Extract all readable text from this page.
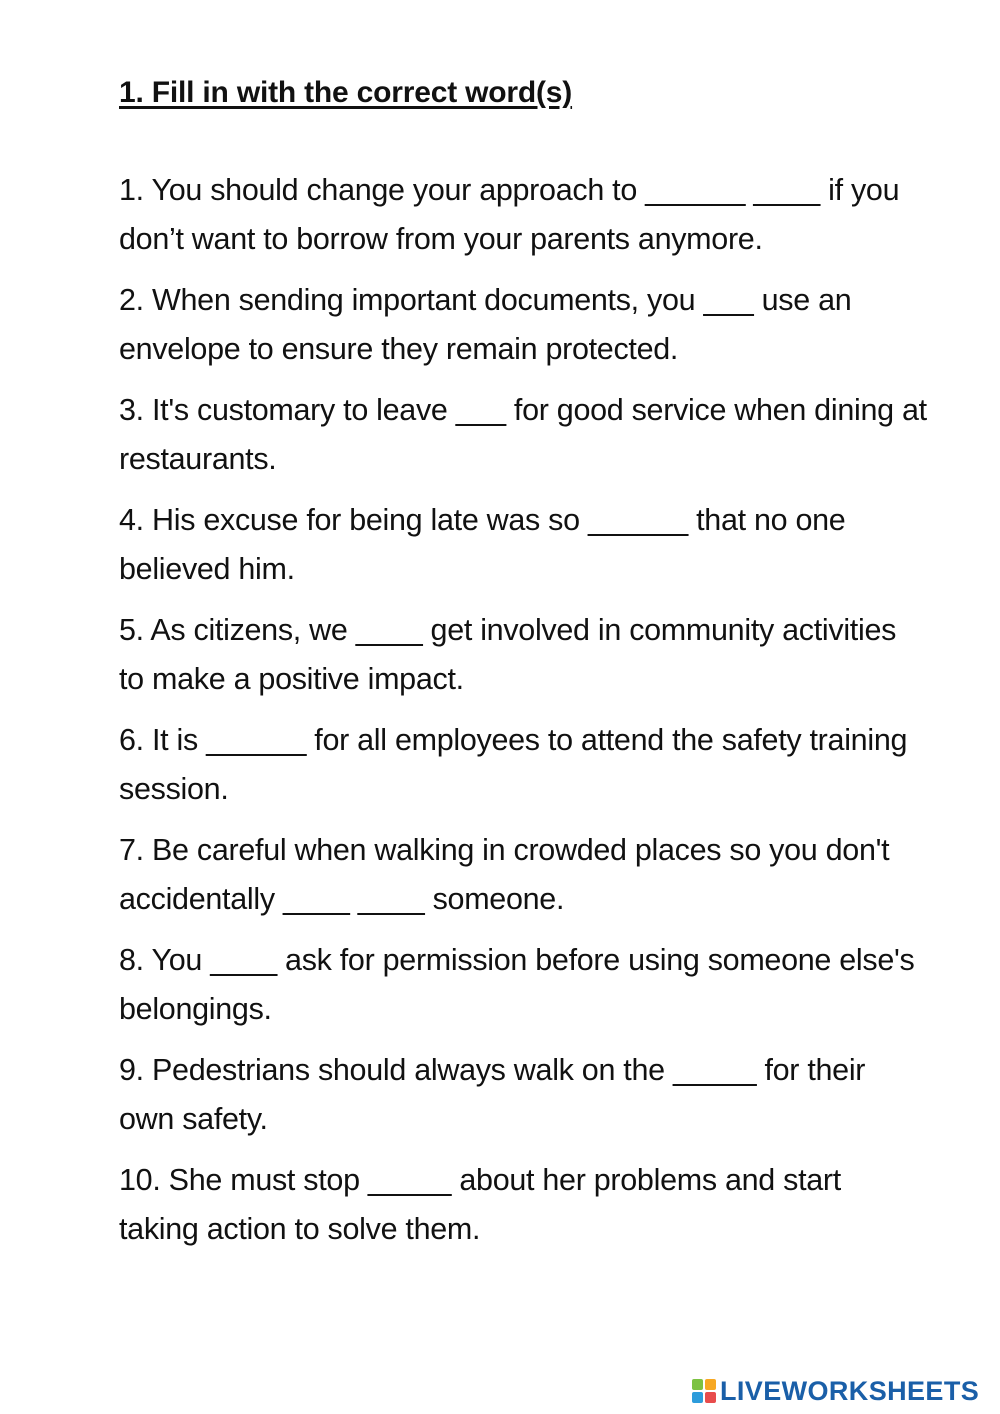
1. Fill in with the correct word(s)

1. You should change your approach to ______ ____ if you don’t want to borrow from your parents anymore.

2. When sending important documents, you ___ use an envelope to ensure they remain protected.

3. It's customary to leave ___ for good service when dining at restaurants.

4. His excuse for being late was so ______ that no one believed him.

5. As citizens, we ____ get involved in community activities to make a positive impact.

6. It is ______ for all employees to attend the safety training session.

7. Be careful when walking in crowded places so you don't accidentally ____ ____ someone.

8. You ____ ask for permission before using someone else's belongings.

9. Pedestrians should always walk on the _____ for their own safety.

10. She must stop _____ about her problems and start taking action to solve them.

LIVEWORKSHEETS
